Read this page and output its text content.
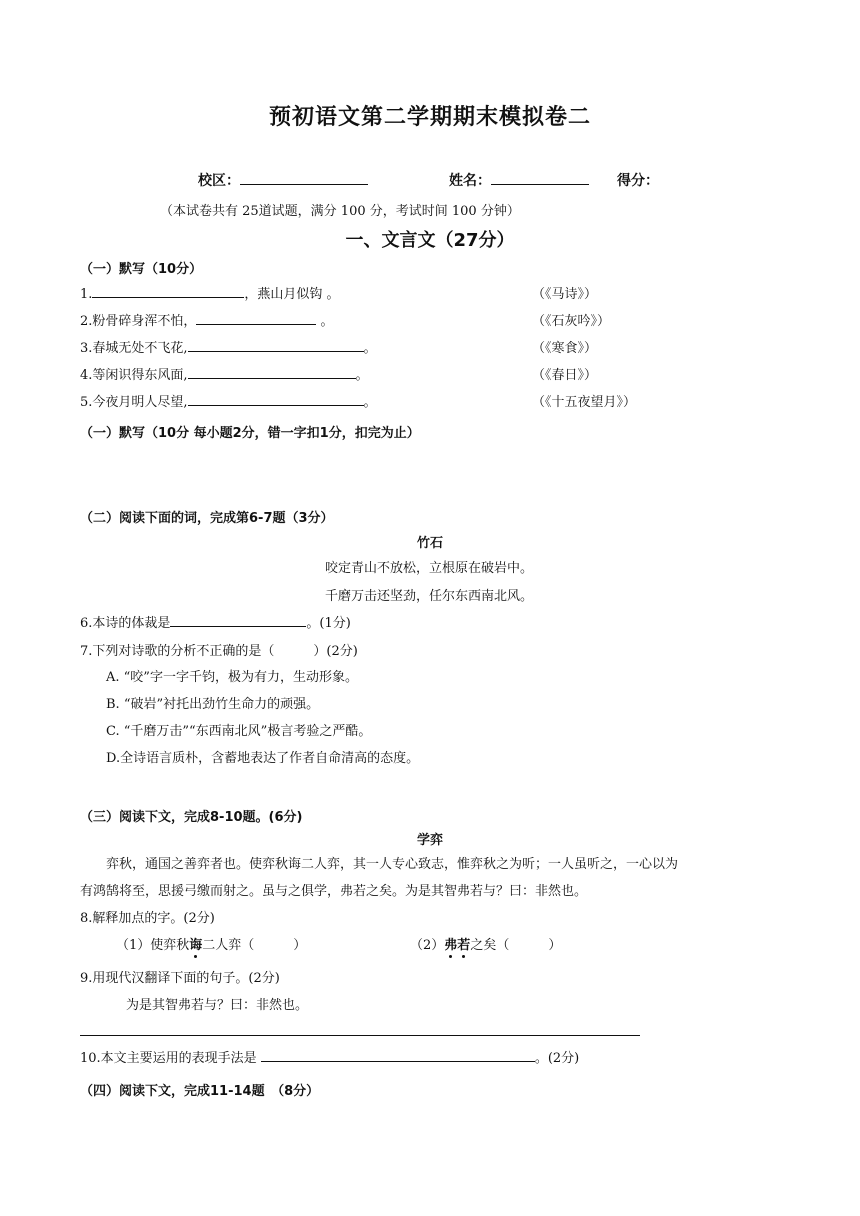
预初语文第二学期期末模拟卷二
校区：	姓名：	得分：
（本试卷共有 25道试题，满分 100 分，考试时间 100 分钟）
一、文言文（27分）
（一）默写（10分）
1.	，燕山月似钩 。	（《马诗》）
2.粉骨碎身浑不怕，	。	（《石灰吟》）
3.春城无处不飞花,	。	（《寒食》）
4.等闲识得东风面,	。	（《春日》）
5.今夜月明人尽望,	。	（《十五夜望月》）
（一）默写（10分 每小题2分，错一字扣1分，扣完为止）
（二）阅读下面的词，完成第6-7题（3分）
竹石
咬定青山不放松，立根原在破岩中。
千磨万击还坚劲，任尔东西南北风。
6.本诗的体裁是	。(1分)
7.下列对诗歌的分析不正确的是（　　　）(2分)
A. “咬”字一字千钧，极为有力，生动形象。
B. “破岩”衬托出劲竹生命力的顽强。
C. “千磨万击”“东西南北风”极言考验之严酷。
D.全诗语言质朴，含蓄地表达了作者自命清高的态度。
（三）阅读下文，完成8-10题。(6分)
学弈
弈秋，通国之善弈者也。使弈秋诲二人弈，其一人专心致志，惟弈秋之为听；一人虽听之，一心以为
有鸿鹄将至，思援弓缴而射之。虽与之俱学，弗若之矣。为是其智弗若与？曰：非然也。
8.解释加点的字。(2分)
（1）使弈秋诲二人弈（　　　）	（2）弗若之矣（　　　）
9.用现代汉翻译下面的句子。(2分)
为是其智弗若与？曰：非然也。
10.本文主要运用的表现手法是	。(2分)
（四）阅读下文，完成11-14题　（8分）
